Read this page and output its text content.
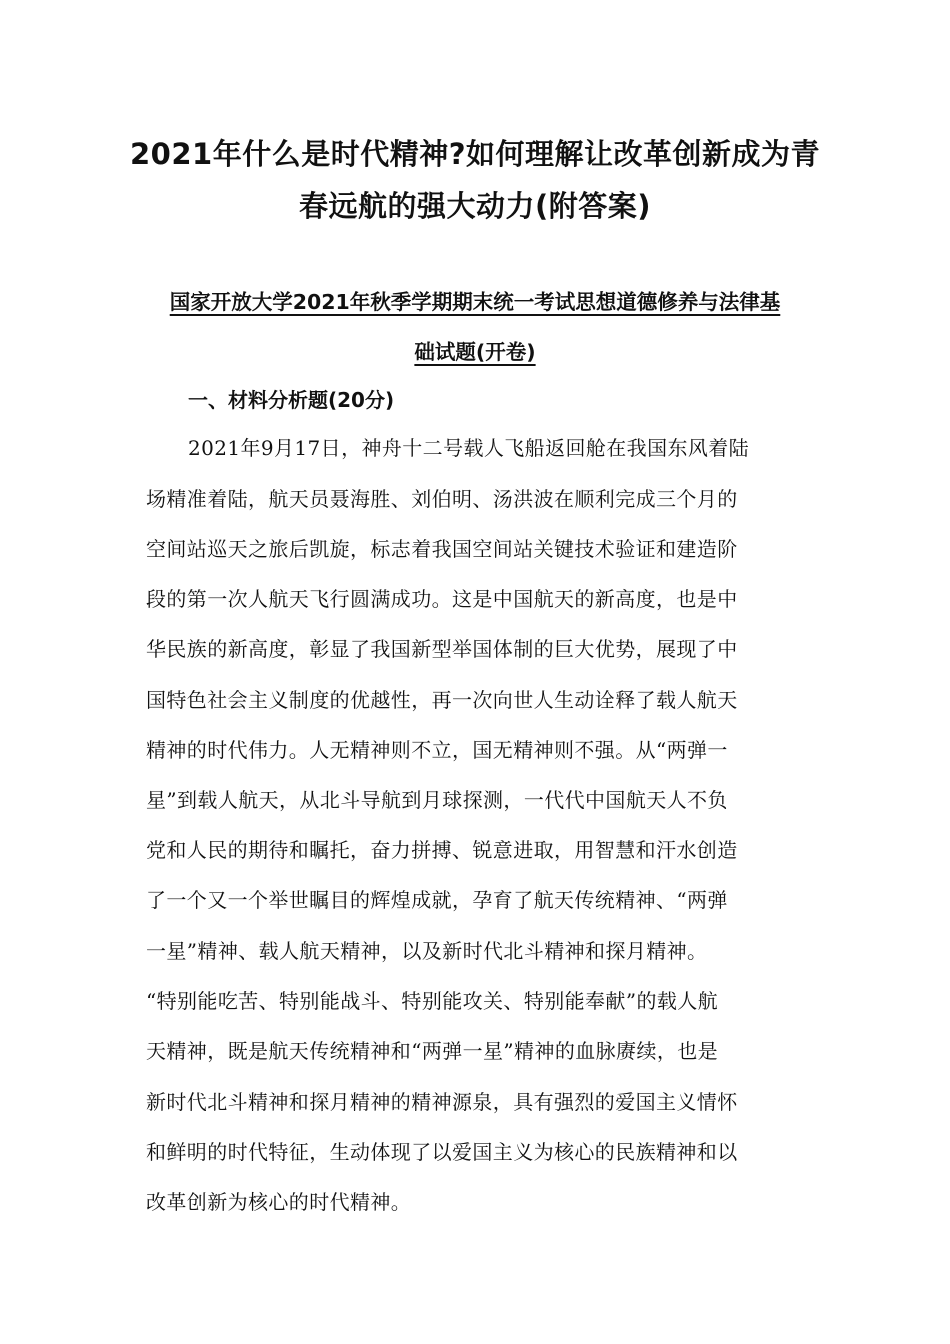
2021年什么是时代精神?如何理解让改革创新成为青
春远航的强大动力(附答案)
国家开放大学2021年秋季学期期末统一考试思想道德修养与法律基
础试题(开卷)
一、材料分析题(20分)

2021年9月17日，神舟十二号载人飞船返回舱在我国东风着陆

场精准着陆，航天员聂海胜、刘伯明、汤洪波在顺利完成三个月的

空间站巡天之旅后凯旋，标志着我国空间站关键技术验证和建造阶

段的第一次人航天飞行圆满成功。这是中国航天的新高度，也是中

华民族的新高度，彰显了我国新型举国体制的巨大优势，展现了中

国特色社会主义制度的优越性，再一次向世人生动诠释了载人航天

精神的时代伟力。人无精神则不立，国无精神则不强。从“两弹一

星”到载人航天，从北斗导航到月球探测，一代代中国航天人不负

党和人民的期待和瞩托，奋力拼搏、锐意进取，用智慧和汗水创造

了一个又一个举世瞩目的辉煌成就，孕育了航天传统精神、“两弹

一星”精神、载人航天精神，以及新时代北斗精神和探月精神。

“特别能吃苦、特别能战斗、特别能攻关、特别能奉献”的载人航

天精神，既是航天传统精神和“两弹一星”精神的血脉赓续，也是

新时代北斗精神和探月精神的精神源泉，具有强烈的爱国主义情怀

和鲜明的时代特征，生动体现了以爱国主义为核心的民族精神和以

改革创新为核心的时代精神。
